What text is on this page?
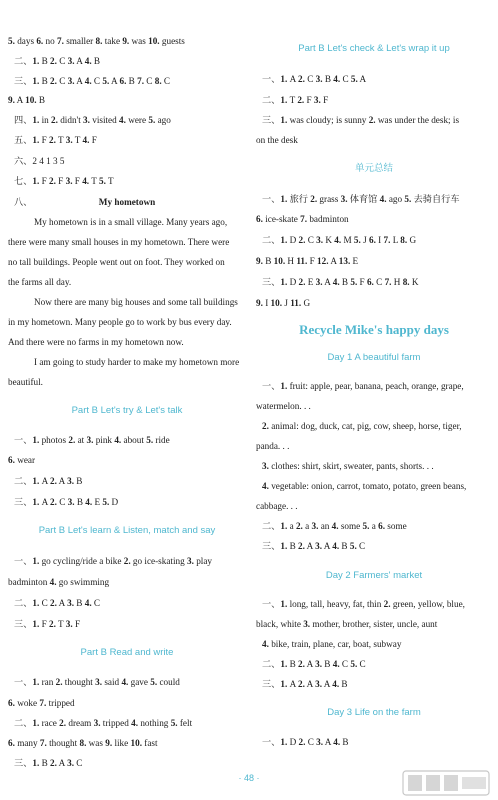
5. days 6. no 7. smaller 8. take 9. was 10. guests
二、1. B 2. C 3. A 4. B
三、1. B 2. C 3. A 4. C 5. A 6. B 7. C 8. C
9. A 10. B
四、1. in 2. didn't 3. visited 4. were 5. ago
五、1. F 2. T 3. T 4. F
六、2 4 1 3 5
七、1. F 2. F 3. F 4. T 5. T
八、	My hometown
My hometown is in a small village. Many years ago,
there were many small houses in my hometown. There were
no tall buildings. People went out on foot. They worked on
the farms all day.
Now there are many big houses and some tall buildings
in my hometown. Many people go to work by bus every day.
And there were no farms in my hometown now.
I am going to study harder to make my hometown more
beautiful.
Part B Let's try & Let's talk
一、1. photos 2. at 3. pink 4. about 5. ride
6. wear
二、1. A 2. A 3. B
三、1. A 2. C 3. B 4. E 5. D
Part B Let's learn & Listen, match and say
一、1. go cycling/ride a bike 2. go ice-skating 3. play
badminton 4. go swimming
二、1. C 2. A 3. B 4. C
三、1. F 2. T 3. F
Part B Read and write
一、1. ran 2. thought 3. said 4. gave 5. could
6. woke 7. tripped
二、1. race 2. dream 3. tripped 4. nothing 5. felt
6. many 7. thought 8. was 9. like 10. fast
三、1. B 2. A 3. C
Part B Let's check & Let's wrap it up
一、1. A 2. C 3. B 4. C 5. A
二、1. T 2. F 3. F
三、1. was cloudy; is sunny 2. was under the desk; is
on the desk
单元总结
一、1. 旅行 2. grass 3. 体育馆 4. ago 5. 去骑自行车
6. ice-skate 7. badminton
二、1. D 2. C 3. K 4. M 5. J 6. I 7. L 8. G
9. B 10. H 11. F 12. A 13. E
三、1. D 2. E 3. A 4. B 5. F 6. C 7. H 8. K
9. I 10. J 11. G
Recycle Mike's happy days
Day 1 A beautiful farm
一、1. fruit: apple, pear, banana, peach, orange, grape,
watermelon. . .
2. animal: dog, duck, cat, pig, cow, sheep, horse, tiger,
panda. . .
3. clothes: shirt, skirt, sweater, pants, shorts. . .
4. vegetable: onion, carrot, tomato, potato, green beans,
cabbage. . .
二、1. a 2. a 3. an 4. some 5. a 6. some
三、1. B 2. A 3. A 4. B 5. C
Day 2 Farmers' market
一、1. long, tall, heavy, fat, thin 2. green, yellow, blue,
black, white 3. mother, brother, sister, uncle, aunt
4. bike, train, plane, car, boat, subway
二、1. B 2. A 3. B 4. C 5. C
三、1. A 2. A 3. A 4. B
Day 3 Life on the farm
一、1. D 2. C 3. A 4. B
· 48 ·
